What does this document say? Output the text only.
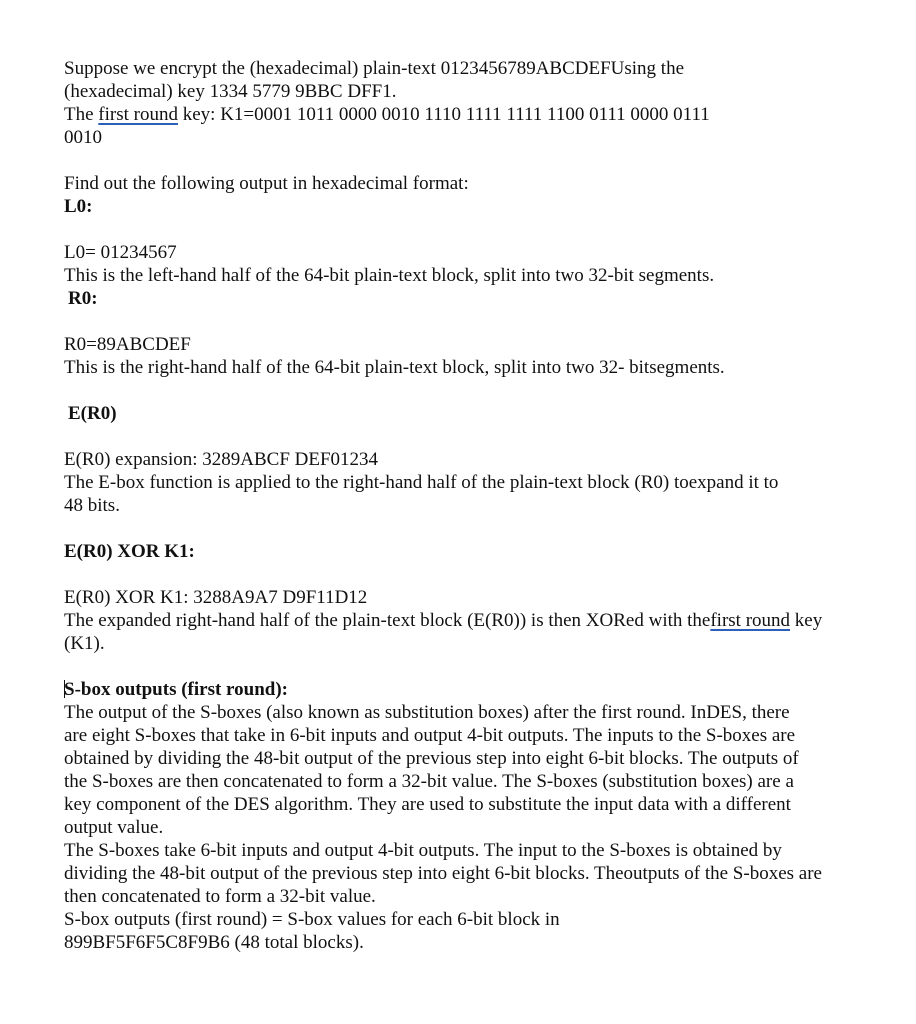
Suppose we encrypt the (hexadecimal) plain-text 0123456789ABCDEFUsing the
(hexadecimal) key 1334 5779 9BBC DFF1.
The first round key: K1=0001 1011 0000 0010 1110 1111 1111 1100 0111 0000 0111
0010
Find out the following output in hexadecimal format:
L0:
L0= 01234567
This is the left-hand half of the 64-bit plain-text block, split into two 32-bit segments.
R0:
R0=89ABCDEF
This is the right-hand half of the 64-bit plain-text block, split into two 32- bitsegments.
E(R0)
E(R0) expansion: 3289ABCF DEF01234
The E-box function is applied to the right-hand half of the plain-text block (R0) toexpand it to
48 bits.
E(R0) XOR K1:
E(R0) XOR K1: 3288A9A7 D9F11D12
The expanded right-hand half of the plain-text block (E(R0)) is then XORed with thefirst round key
(K1).
S-box outputs (first round):
The output of the S-boxes (also known as substitution boxes) after the first round. InDES, there
are eight S-boxes that take in 6-bit inputs and output 4-bit outputs. The inputs to the S-boxes are
obtained by dividing the 48-bit output of the previous step into eight 6-bit blocks. The outputs of
the S-boxes are then concatenated to form a 32-bit value. The S-boxes (substitution boxes) are a
key component of the DES algorithm. They are used to substitute the input data with a different
output value.
The S-boxes take 6-bit inputs and output 4-bit outputs. The input to the S-boxes is obtained by
dividing the 48-bit output of the previous step into eight 6-bit blocks. Theoutputs of the S-boxes are
then concatenated to form a 32-bit value.
S-box outputs (first round) = S-box values for each 6-bit block in
899BF5F6F5C8F9B6 (48 total blocks).
